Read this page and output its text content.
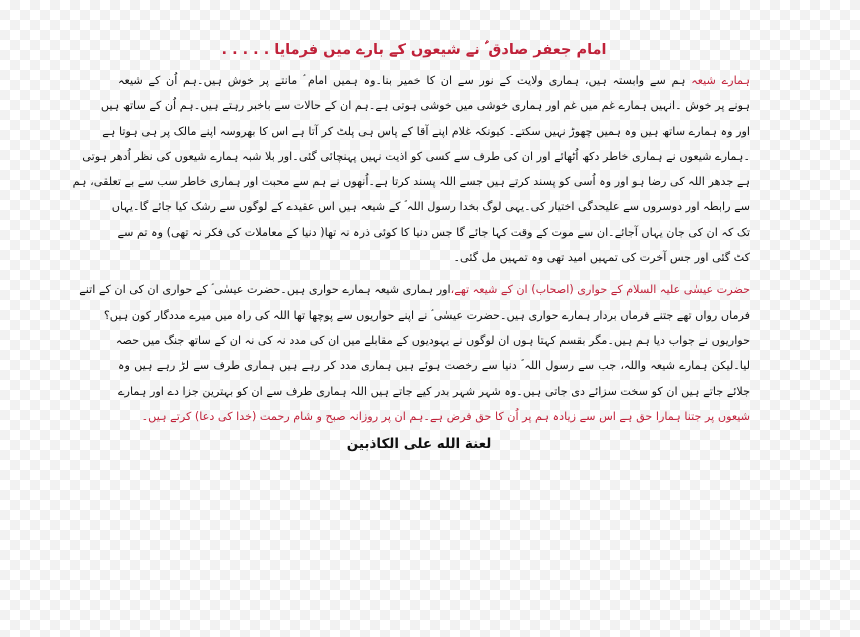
امام جعفر صادق ؑ نے شیعوں کے بارے میں فرمایا . . . . .
ہمارے شیعہ ہم سے وابستہ ہیں، ہماری ولایت کے نور سے ان کا خمیر بنا۔وہ ہمیں امام ؑ مانتے پر خوش ہیں۔ہم اُن کے شیعہ
ہونے پر خوش ۔انہیں ہمارے غم میں غم اور ہماری خوشی میں خوشی ہوتی ہے۔ہم ان کے حالات سے باخبر رہتے ہیں۔ہم اُن کے ساتھ ہیں
اور وہ ہمارے ساتھ ہیں وہ ہمیں چھوڑ نہیں سکتے۔ کیونکہ غلام اپنے آقا کے پاس ہی پلٹ کر آتا ہے اس کا بھروسہ اپنے مالک پر ہی ہوتا ہے
۔ہمارے شیعوں نے ہماری خاطر دکھ اُٹھائے اور ان کی طرف سے کسی کو اذیت نہیں پہنچائی گئی۔اور بلا شبہ ہمارے شیعوں کی نظر اُدھر ہوتی
ہے جدھر اللہ کی رضا ہو اور وہ اُسی کو پسند کرتے ہیں جسے اللہ پسند کرتا ہے۔اُنھوں نے ہم سے محبت اور ہماری خاطر سب سے بے تعلقی، ہم
سے رابطہ اور دوسروں سے علیحدگی اختیار کی۔یہی لوگ بخدا رسول اللہ ؐ کے شیعہ ہیں اس عقیدے کے لوگوں سے رشک کیا جائے گا۔یہاں
تک کہ ان کی جان یہاں آجائے۔ان سے موت کے وقت کہا جائے گا جس دنیا کا کوئی ذرہ نہ تھا( دنیا کے معاملات کی فکر نہ تھی) وہ تم سے
کٹ گئی اور جس آخرت کی تمہیں امید تھی وہ تمہیں مل گئی۔
حضرت عیسٰی علیہ السلام کے حواری (اصحاب) ان کے شیعہ تھے،اور ہماری شیعہ ہمارے حواری ہیں۔حضرت عیسٰی ؑ کے حواری ان کی ان کے اتنے
فرماں رواں تھے جتنے فرماں بردار ہمارے حواری ہیں۔حضرت عیسٰی ؑ نے اپنے حواریوں سے پوچھا تھا اللہ کی راہ میں میرے مددگار کون ہیں؟
حواریوں نے جواب دیا ہم ہیں۔مگر بقسم کہتا ہوں ان لوگوں نے یہودیوں کے مقابلے میں ان کی مدد نہ کی نہ ان کے ساتھ جنگ میں حصہ
لیا۔لیکن ہمارے شیعہ واللہ، جب سے رسول اللہ ؐ دنیا سے رخصت ہوئے ہیں ہماری مدد کر رہے ہیں ہماری طرف سے لڑ رہے ہیں وہ
جلائے جاتے ہیں ان کو سخت سزائے دی جاتی ہیں۔وہ شہر شہر بدر کیے جاتے ہیں اللہ ہماری طرف سے ان کو بہترین جزا دے اور ہمارے
شیعوں پر جتنا ہمارا حق ہے اس سے زیادہ ہم پر اُن کا حق فرض ہے۔ہم ان پر روزانہ صبح و شام رحمت (خدا کی دعا) کرتے ہیں۔
لعنة الله على الكاذبين
